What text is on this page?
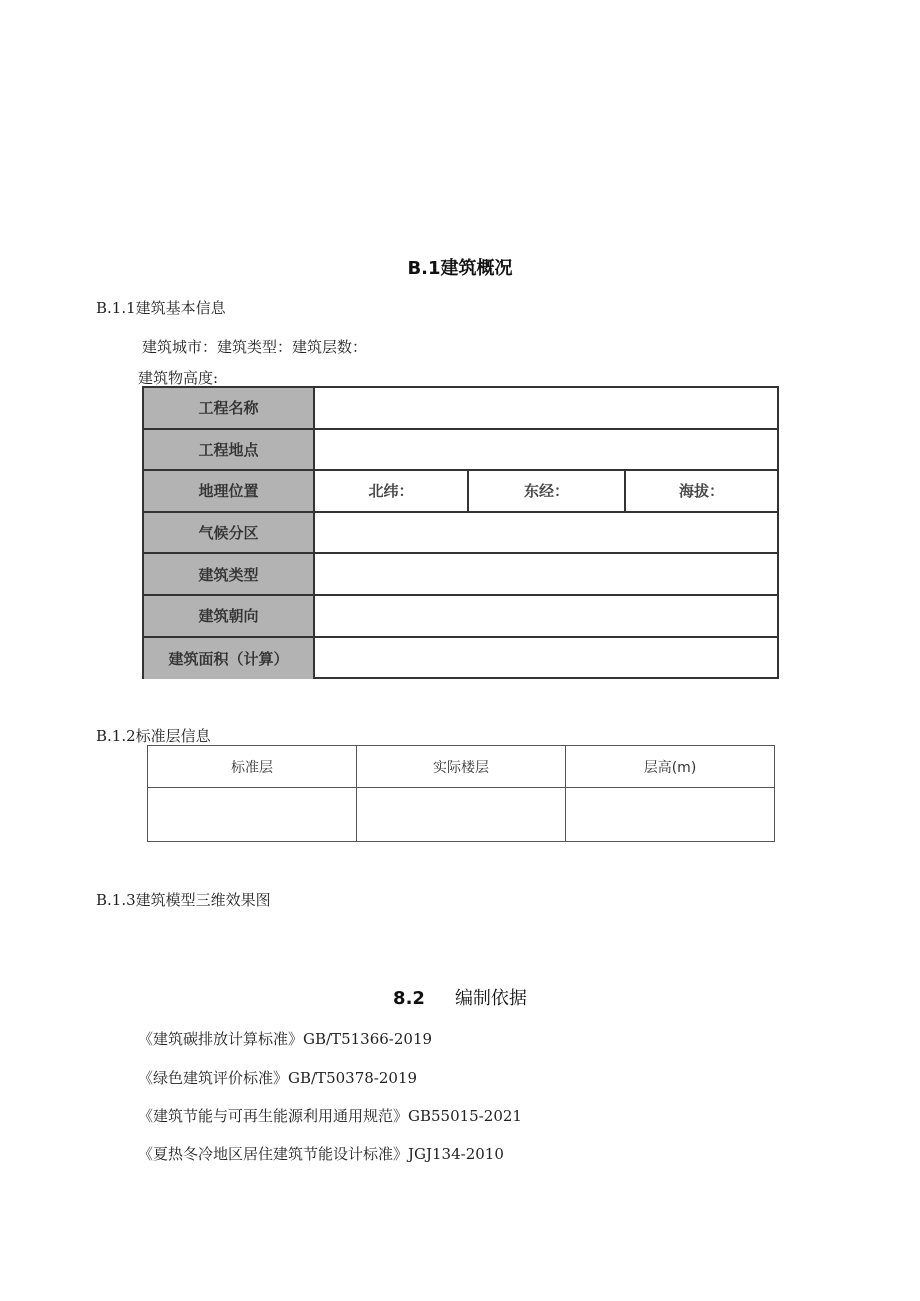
B.1建筑概况
B.1.1建筑基本信息
建筑城市：建筑类型：建筑层数：
建筑物高度:
工程名称
工程地点
地理位置	北纬：	东经：	海拔：
气候分区
建筑类型
建筑朝向
建筑面积（计算）
B.1.2标准层信息
标准层	实际楼层	层高(m)
B.1.3建筑模型三维效果图
8.2 编制依据
《建筑碳排放计算标准》GB/T51366-2019
《绿色建筑评价标准》GB/T50378-2019
《建筑节能与可再生能源利用通用规范》GB55015-2021
《夏热冬冷地区居住建筑节能设计标准》JGJ134-2010
